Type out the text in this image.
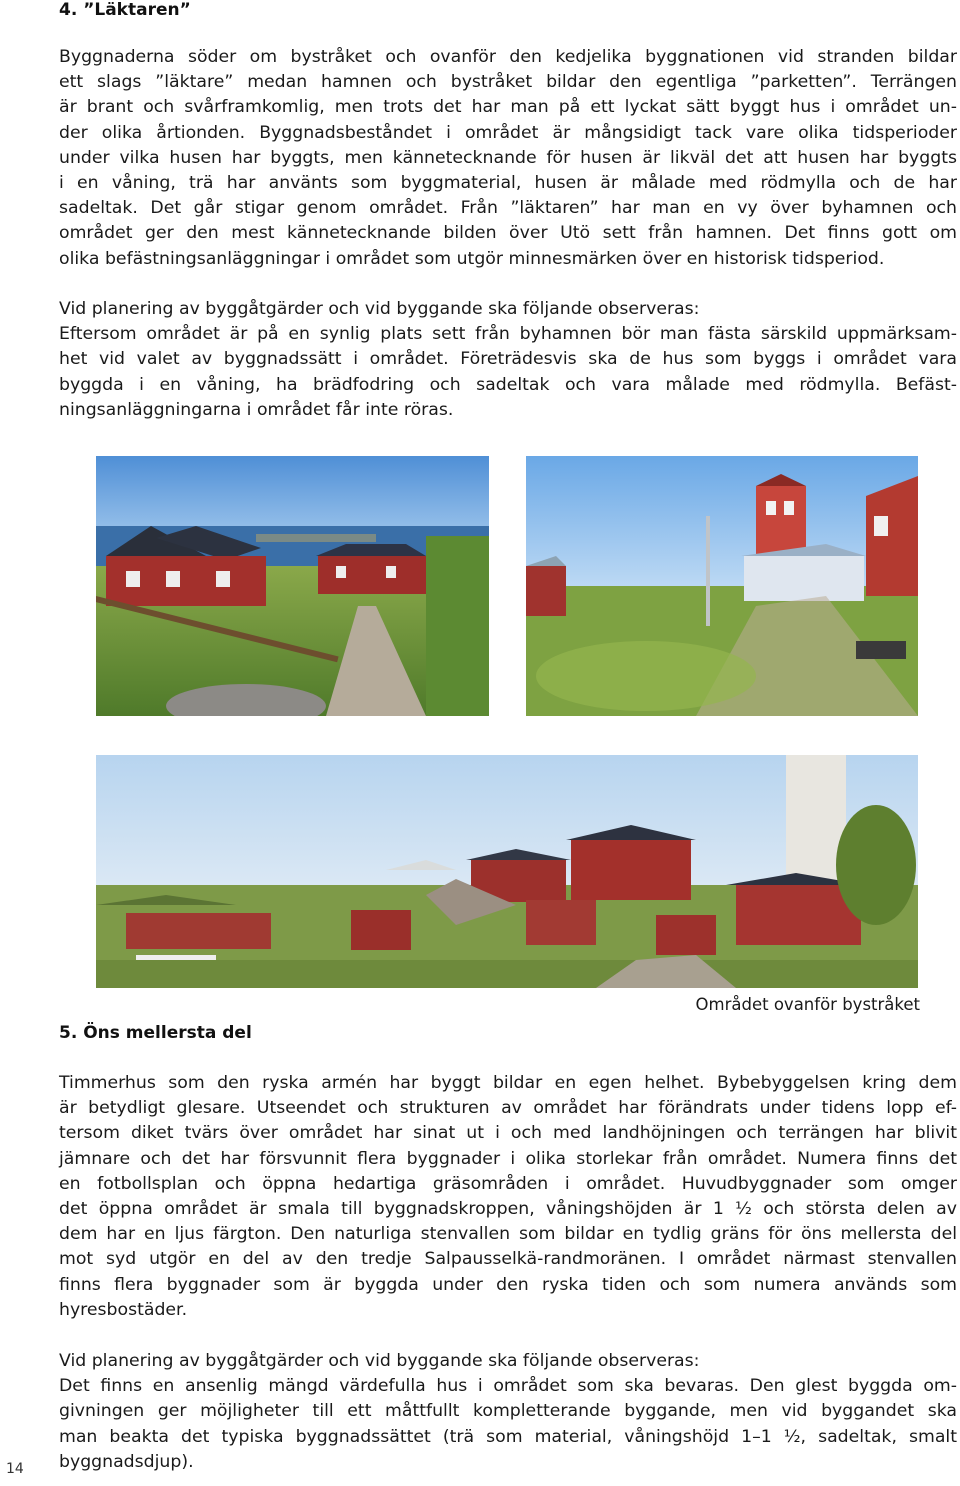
4. ”Läktaren”

Byggnaderna söder om bystråket och ovanför den kedjelika byggnationen vid stranden bildar
ett slags ”läktare” medan hamnen och bystråket bildar den egentliga ”parketten”. Terrängen
är brant och svårframkomlig, men trots det har man på ett lyckat sätt byggt hus i området un-
der olika årtionden. Byggnadsbeståndet i området är mångsidigt tack vare olika tidsperioder
under vilka husen har byggts, men kännetecknande för husen är likväl det att husen har byggts
i en våning, trä har använts som byggmaterial, husen är målade med rödmylla och de har
sadeltak. Det går stigar genom området. Från ”läktaren” har man en vy över byhamnen och
området ger den mest kännetecknande bilden över Utö sett från hamnen. Det finns gott om
olika befästningsanläggningar i området som utgör minnesmärken över en historisk tidsperiod.

Vid planering av byggåtgärder och vid byggande ska följande observeras:
Eftersom området är på en synlig plats sett från byhamnen bör man fästa särskild uppmärksam-
het vid valet av byggnadssätt i området. Företrädesvis ska de hus som byggs i området vara
byggda i en våning, ha brädfodring och sadeltak och vara målade med rödmylla. Befäst-
ningsanläggningarna i området får inte röras.

Området ovanför bystråket

5. Öns mellersta del

Timmerhus som den ryska armén har byggt bildar en egen helhet. Bybebyggelsen kring dem
är betydligt glesare. Utseendet och strukturen av området har förändrats under tidens lopp ef-
tersom diket tvärs över området har sinat ut i och med landhöjningen och terrängen har blivit
jämnare och det har försvunnit flera byggnader i olika storlekar från området. Numera finns det
en fotbollsplan och öppna hedartiga gräsområden i området. Huvudbyggnader som omger
det öppna området är smala till byggnadskroppen, våningshöjden är 1 ½ och största delen av
dem har en ljus färgton. Den naturliga stenvallen som bildar en tydlig gräns för öns mellersta del
mot syd utgör en del av den tredje Salpausselkä-randmoränen. I området närmast stenvallen
finns flera byggnader som är byggda under den ryska tiden och som numera används som
hyresbostäder.

Vid planering av byggåtgärder och vid byggande ska följande observeras:
Det finns en ansenlig mängd värdefulla hus i området som ska bevaras. Den glest byggda om-
givningen ger möjligheter till ett måttfullt kompletterande byggande, men vid byggandet ska
man beakta det typiska byggnadssättet (trä som material, våningshöjd 1–1 ½, sadeltak, smalt
byggnadsdjup).

14
